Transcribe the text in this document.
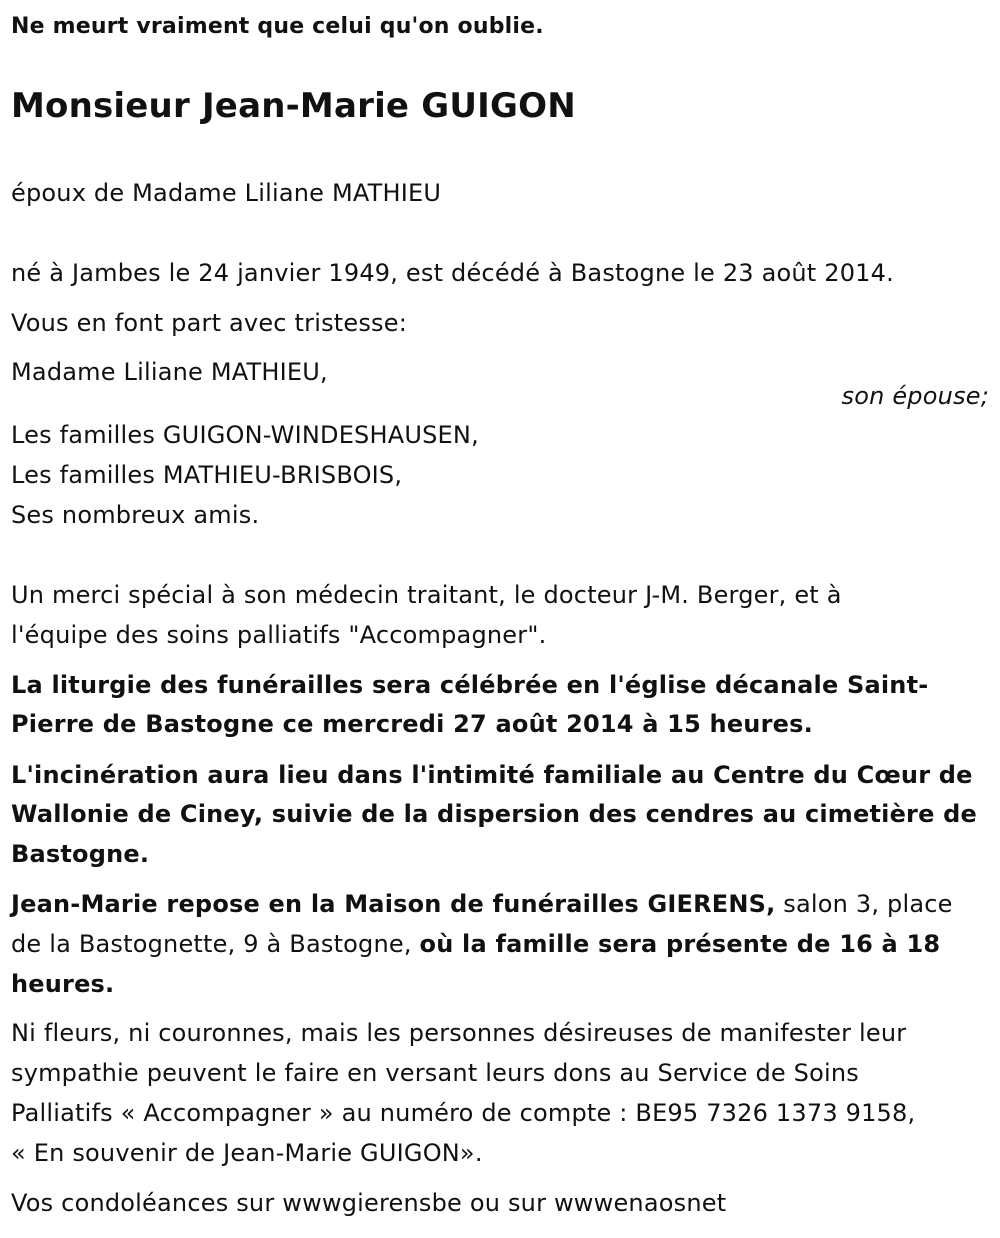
Ne meurt vraiment que celui qu'on oublie.
Monsieur Jean-Marie GUIGON
époux de Madame Liliane MATHIEU
né à Jambes le 24 janvier 1949, est décédé à Bastogne le 23 août 2014.
Vous en font part avec tristesse:
Madame Liliane MATHIEU,
son épouse;
Les familles GUIGON-WINDESHAUSEN,
Les familles MATHIEU-BRISBOIS,
Ses nombreux amis.
Un merci spécial à son médecin traitant, le docteur J-M. Berger, et à
l'équipe des soins palliatifs "Accompagner".
La liturgie des funérailles sera célébrée en l'église décanale Saint-
Pierre de Bastogne ce mercredi 27 août 2014 à 15 heures.
L'incinération aura lieu dans l'intimité familiale au Centre du Cœur de
Wallonie de Ciney, suivie de la dispersion des cendres au cimetière de
Bastogne.
Jean-Marie repose en la Maison de funérailles GIERENS, salon 3, place
de la Bastognette, 9 à Bastogne, où la famille sera présente de 16 à 18
heures.
Ni fleurs, ni couronnes, mais les personnes désireuses de manifester leur
sympathie peuvent le faire en versant leurs dons au Service de Soins
Palliatifs « Accompagner » au numéro de compte : BE95 7326 1373 9158,
« En souvenir de Jean-Marie GUIGON».
Vos condoléances sur wwwgierensbe ou sur wwwenaosnet
